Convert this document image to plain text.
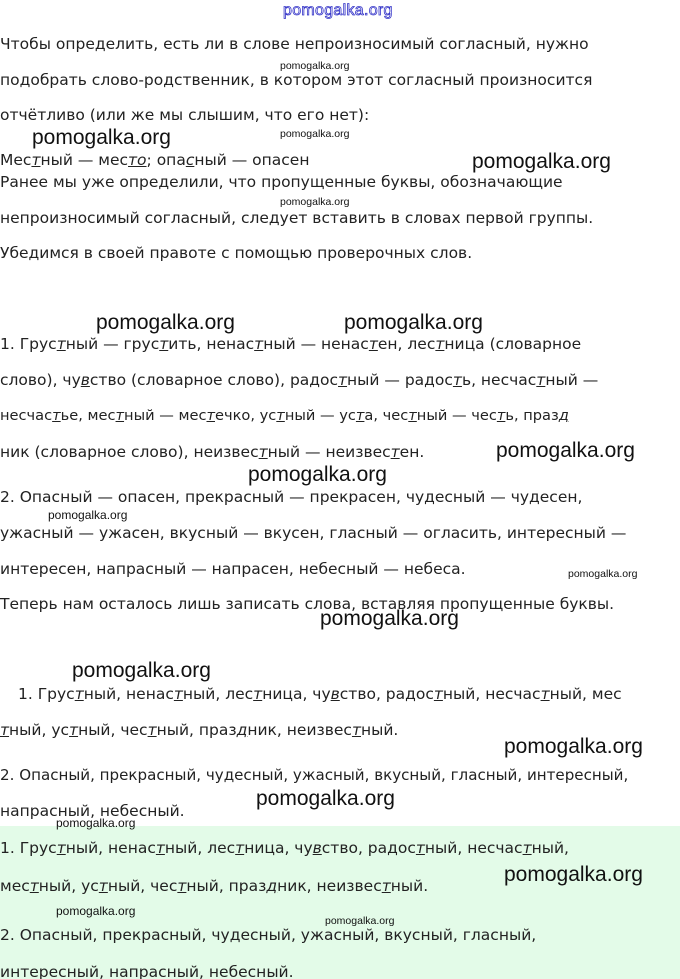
pomogalka.org
Чтобы определить, есть ли в слове непроизносимый согласный, нужно
подобрать слово-родственник, в котором этот согласный произносится
отчётливо (или же мы слышим, что его нет):
Местный — место; опасный — опасен
Ранее мы уже определили, что пропущенные буквы, обозначающие
непроизносимый согласный, следует вставить в словах первой группы.
Убедимся в своей правоте с помощью проверочных слов.
1. Грустный — грустить, ненастный — ненастен, лестница (словарное
слово), чувство (словарное слово), радостный — радость, несчастный —
несчастье, местный — местечко, устный — уста, честный — честь, празд
ник (словарное слово), неизвестный — неизвестен.
2. Опасный — опасен, прекрасный — прекрасен, чудесный — чудесен,
ужасный — ужасен, вкусный — вкусен, гласный — огласить, интересный —
интересен, напрасный — напрасен, небесный — небеса.
Теперь нам осталось лишь записать слова, вставляя пропущенные буквы.
1. Грустный, ненастный, лестница, чувство, радостный, несчастный, мес
тный, устный, честный, праздник, неизвестный.
2. Опасный, прекрасный, чудесный, ужасный, вкусный, гласный, интересный,
напрасный, небесный.
1. Грустный, ненастный, лестница, чувство, радостный, несчастный,
местный, устный, честный, праздник, неизвестный.
2. Опасный, прекрасный, чудесный, ужасный, вкусный, гласный,
интересный, напрасный, небесный.
pomogalka.org
pomogalka.org
pomogalka.org	pomogalka.org
pomogalka.org
pomogalka.org
pomogalka.org
pomogalka.org
pomogalka.org
pomogalka.org
pomogalka.org
pomogalka.org
pomogalka.org
pomogalka.org
pomogalka.org
pomogalka.org
pomogalka.org
pomogalka.org
pomogalka.org
